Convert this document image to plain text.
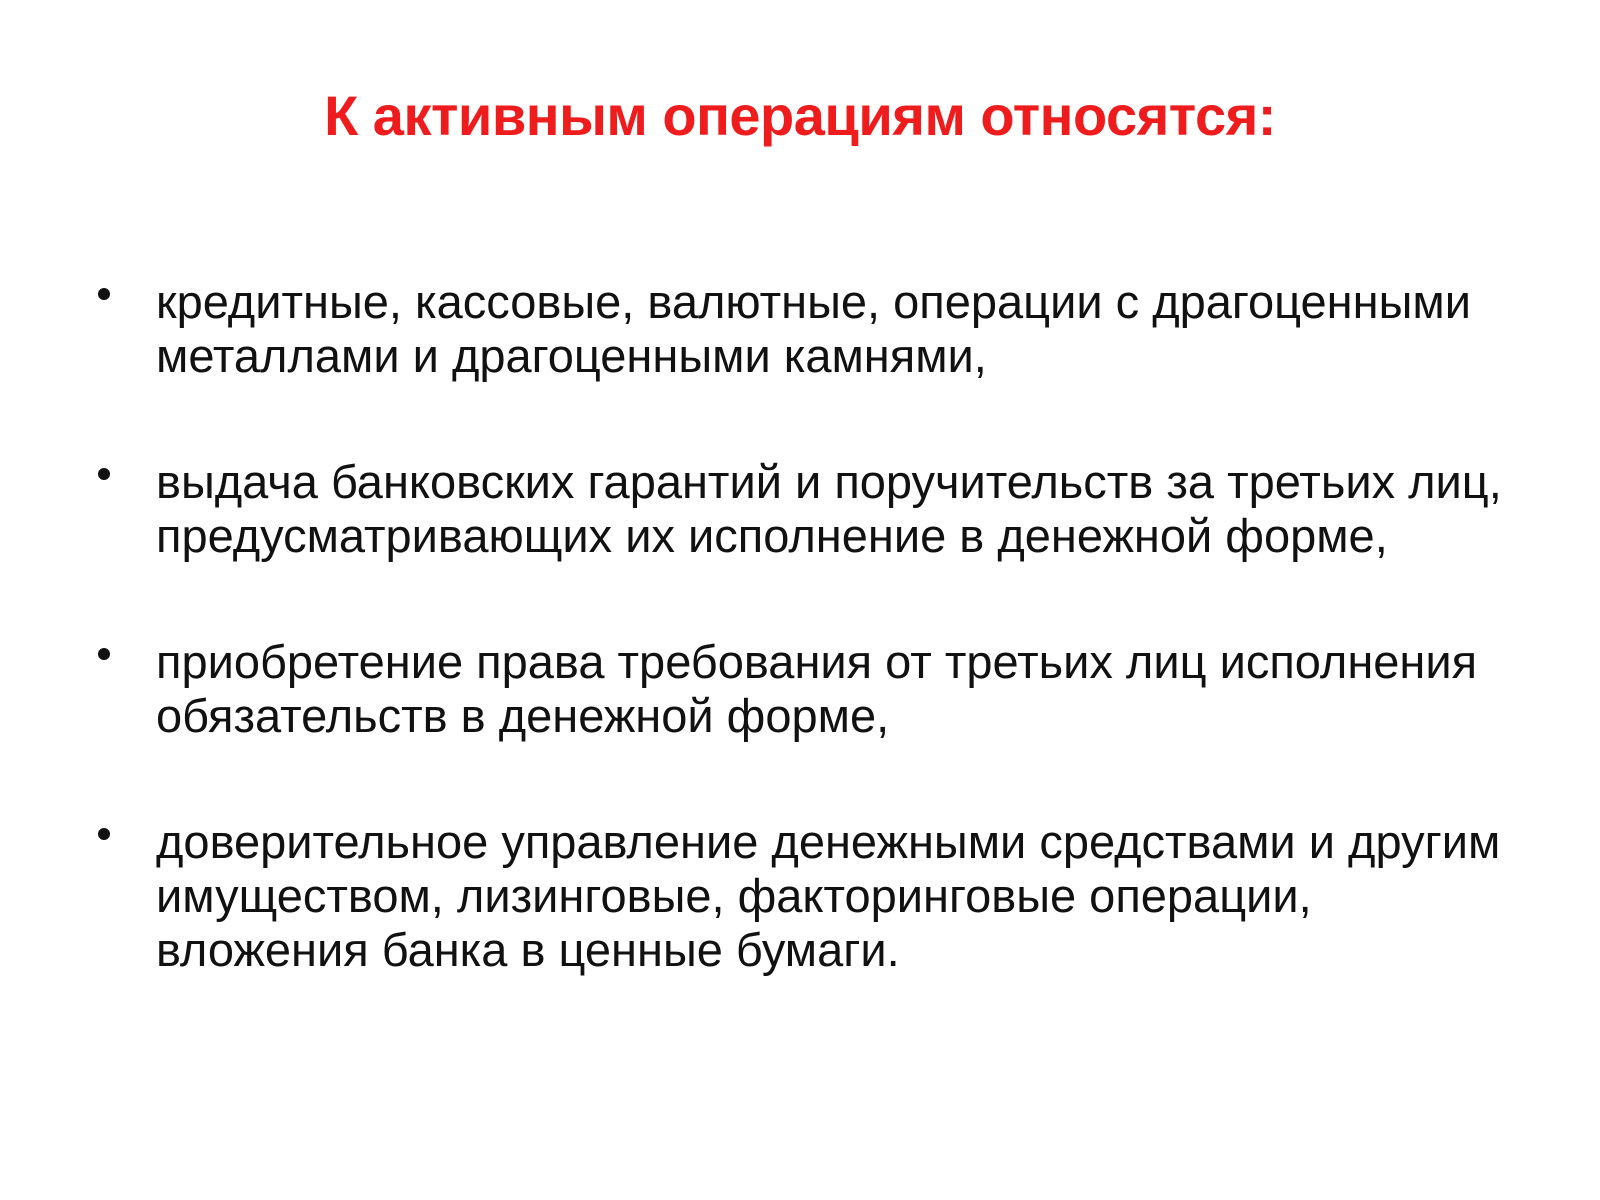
К активным операциям относятся:
кредитные, кассовые, валютные, операции с драгоценными металлами и драгоценными камнями,
выдача банковских гарантий и поручительств за третьих лиц, предусматривающих их исполнение в денежной форме,
приобретение права требования от третьих лиц исполнения обязательств в денежной форме,
доверительное управление денежными средствами и другим имуществом, лизинговые, факторинговые операции, вложения банка в ценные бумаги.
